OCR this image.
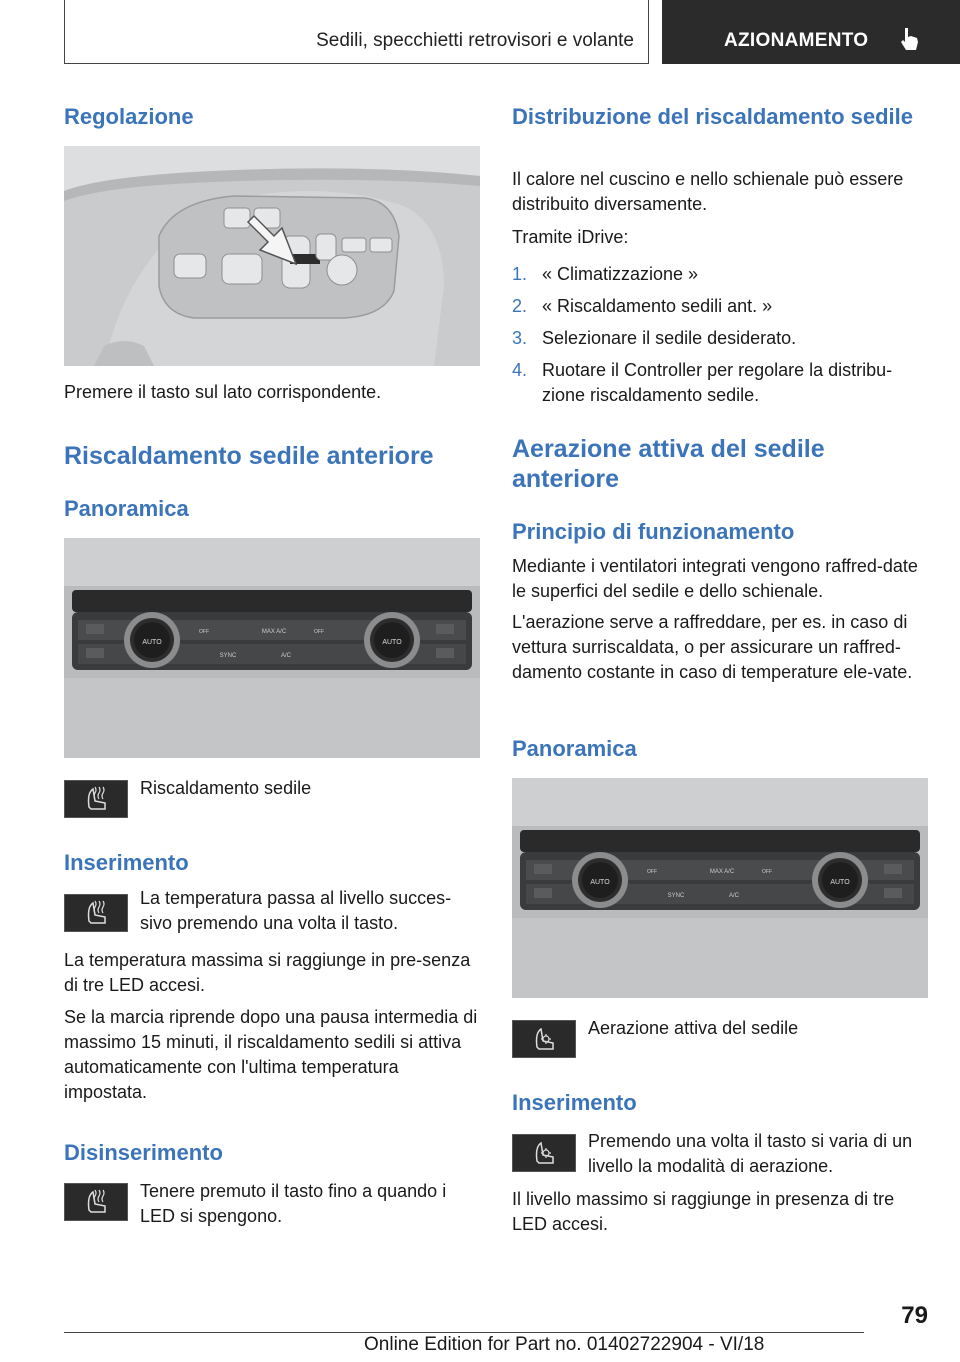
Sedili, specchietti retrovisori e volante	AZIONAMENTO
Regolazione
Premere il tasto sul lato corrispondente.
Riscaldamento sedile anteriore
Panoramica
AUTO	AUTO
MAX A/C
SYNC	A/C
OFF	OFF
Riscaldamento sedile
Inserimento
La temperatura passa al livello succes-sivo premendo una volta il tasto.
La temperatura massima si raggiunge in pre-senza di tre LED accesi.
Se la marcia riprende dopo una pausa intermedia di massimo 15 minuti, il riscaldamento sedili si attiva automaticamente con l'ultima temperatura impostata.
Disinserimento
Tenere premuto il tasto fino a quando i LED si spengono.
Distribuzione del riscaldamento sedile
Il calore nel cuscino e nello schienale può essere distribuito diversamente.
Tramite iDrive:
1. « Climatizzazione »
2. « Riscaldamento sedili ant. »
3. Selezionare il sedile desiderato.
4. Ruotare il Controller per regolare la distribu-zione riscaldamento sedile.
Aerazione attiva del sedile anteriore
Principio di funzionamento
Mediante i ventilatori integrati vengono raffred-date le superfici del sedile e dello schienale.
L'aerazione serve a raffreddare, per es. in caso di vettura surriscaldata, o per assicurare un raffred-damento costante in caso di temperature ele-vate.
Panoramica
AUTO	AUTO
MAX A/C
SYNC	A/C
OFF	OFF
Aerazione attiva del sedile
Inserimento
Premendo una volta il tasto si varia di un livello la modalità di aerazione.
Il livello massimo si raggiunge in presenza di tre LED accesi.
79
Online Edition for Part no. 01402722904 - VI/18
